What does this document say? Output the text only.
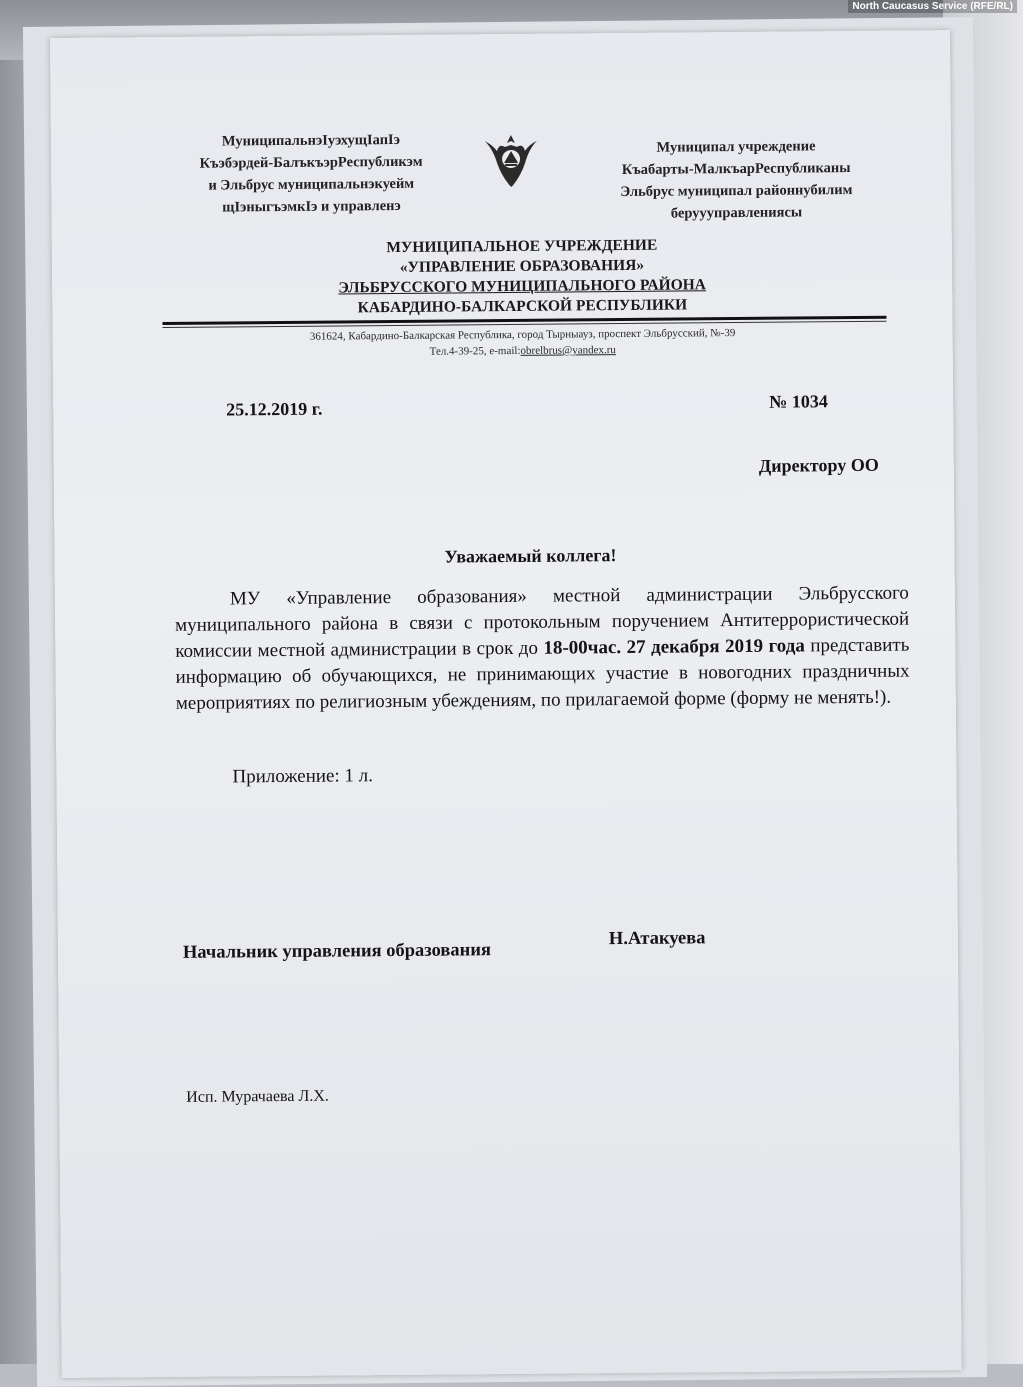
МуниципальнэIуэхущIапIэ
Къэбэрдей-БалъкъэрРеспубликэм
и Эльбрус муниципальнэкуейм
щIэныгъэмкIэ и управленэ
Муниципал учреждение
Къабарты-МалкъарРеспубликаны
Эльбрус муниципал районнубилим
беруууправлениясы
МУНИЦИПАЛЬНОЕ УЧРЕЖДЕНИЕ
«УПРАВЛЕНИЕ ОБРАЗОВАНИЯ»
ЭЛЬБРУССКОГО МУНИЦИПАЛЬНОГО РАЙОНА
КАБАРДИНО-БАЛКАРСКОЙ РЕСПУБЛИКИ
361624, Кабардино-Балкарская Республика, город Тырныауз, проспект Эльбрусский, №-39
Тел.4-39-25, e-mail:obrelbrus@yandex.ru
25.12.2019 г.	№ 1034
Директору ОО
Уважаемый коллега!

МУ «Управление образования» местной администрации Эльбрусского муниципального района в связи с протокольным поручением Антитеррористической комиссии местной администрации в срок до 18-00час. 27 декабря 2019 года представить информацию об обучающихся, не принимающих участие в новогодних праздничных мероприятиях по религиозным убеждениям, по прилагаемой форме (форму не менять!).

Приложение: 1 л.
Начальник управления образования
Н.Атакуева
Исп. Мурачаева Л.Х.
North Caucasus Service (RFE/RL)
